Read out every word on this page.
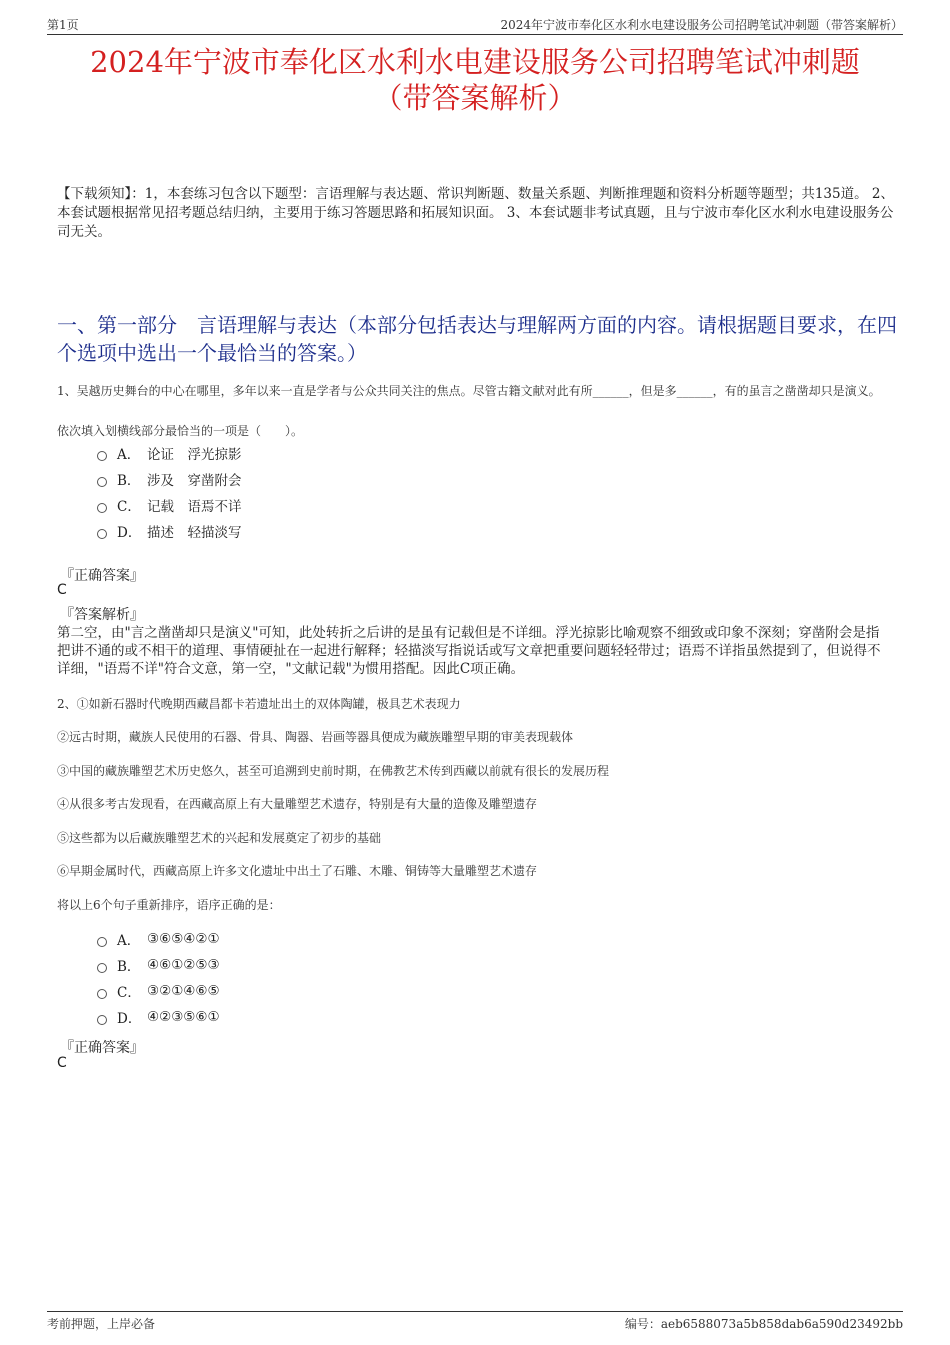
第1页	2024年宁波市奉化区水利水电建设服务公司招聘笔试冲刺题（带答案解析）
2024年宁波市奉化区水利水电建设服务公司招聘笔试冲刺题
（带答案解析）
【下载须知】：1，本套练习包含以下题型：言语理解与表达题、常识判断题、数量关系题、判断推理题和资料分析题等题型；共135道。 2、本套试题根据常见招考题总结归纳，主要用于练习答题思路和拓展知识面。 3、本套试题非考试真题，且与宁波市奉化区水利水电建设服务公司无关。
一、第一部分　言语理解与表达（本部分包括表达与理解两方面的内容。请根据题目要求，在四个选项中选出一个最恰当的答案。）
1、吴越历史舞台的中心在哪里，多年以来一直是学者与公众共同关注的焦点。尽管古籍文献对此有所______，但是多______，有的虽言之凿凿却只是演义。
依次填入划横线部分最恰当的一项是（　　）。
A． 论证　浮光掠影
B． 涉及　穿凿附会
C． 记载　语焉不详
D． 描述　轻描淡写
『正确答案』
C
『答案解析』
第二空，由"言之凿凿却只是演义"可知，此处转折之后讲的是虽有记载但是不详细。浮光掠影比喻观察不细致或印象不深刻；穿凿附会是指把讲不通的或不相干的道理、事情硬扯在一起进行解释；轻描淡写指说话或写文章把重要问题轻轻带过；语焉不详指虽然提到了，但说得不详细，"语焉不详"符合文意，第一空，"文献记载"为惯用搭配。因此C项正确。
2、①如新石器时代晚期西藏昌都卡若遗址出土的双体陶罐，极具艺术表现力
②远古时期，藏族人民使用的石器、骨具、陶器、岩画等器具便成为藏族雕塑早期的审美表现载体
③中国的藏族雕塑艺术历史悠久，甚至可追溯到史前时期，在佛教艺术传到西藏以前就有很长的发展历程
④从很多考古发现看，在西藏高原上有大量雕塑艺术遗存，特别是有大量的造像及雕塑遗存
⑤这些都为以后藏族雕塑艺术的兴起和发展奠定了初步的基础
⑥早期金属时代，西藏高原上许多文化遗址中出土了石雕、木雕、铜铸等大量雕塑艺术遗存
将以上6个句子重新排序，语序正确的是：
A． ③⑥⑤④②①
B． ④⑥①②⑤③
C． ③②①④⑥⑤
D． ④②③⑤⑥①
『正确答案』
C
考前押题，上岸必备	编号：aeb6588073a5b858dab6a590d23492bb
